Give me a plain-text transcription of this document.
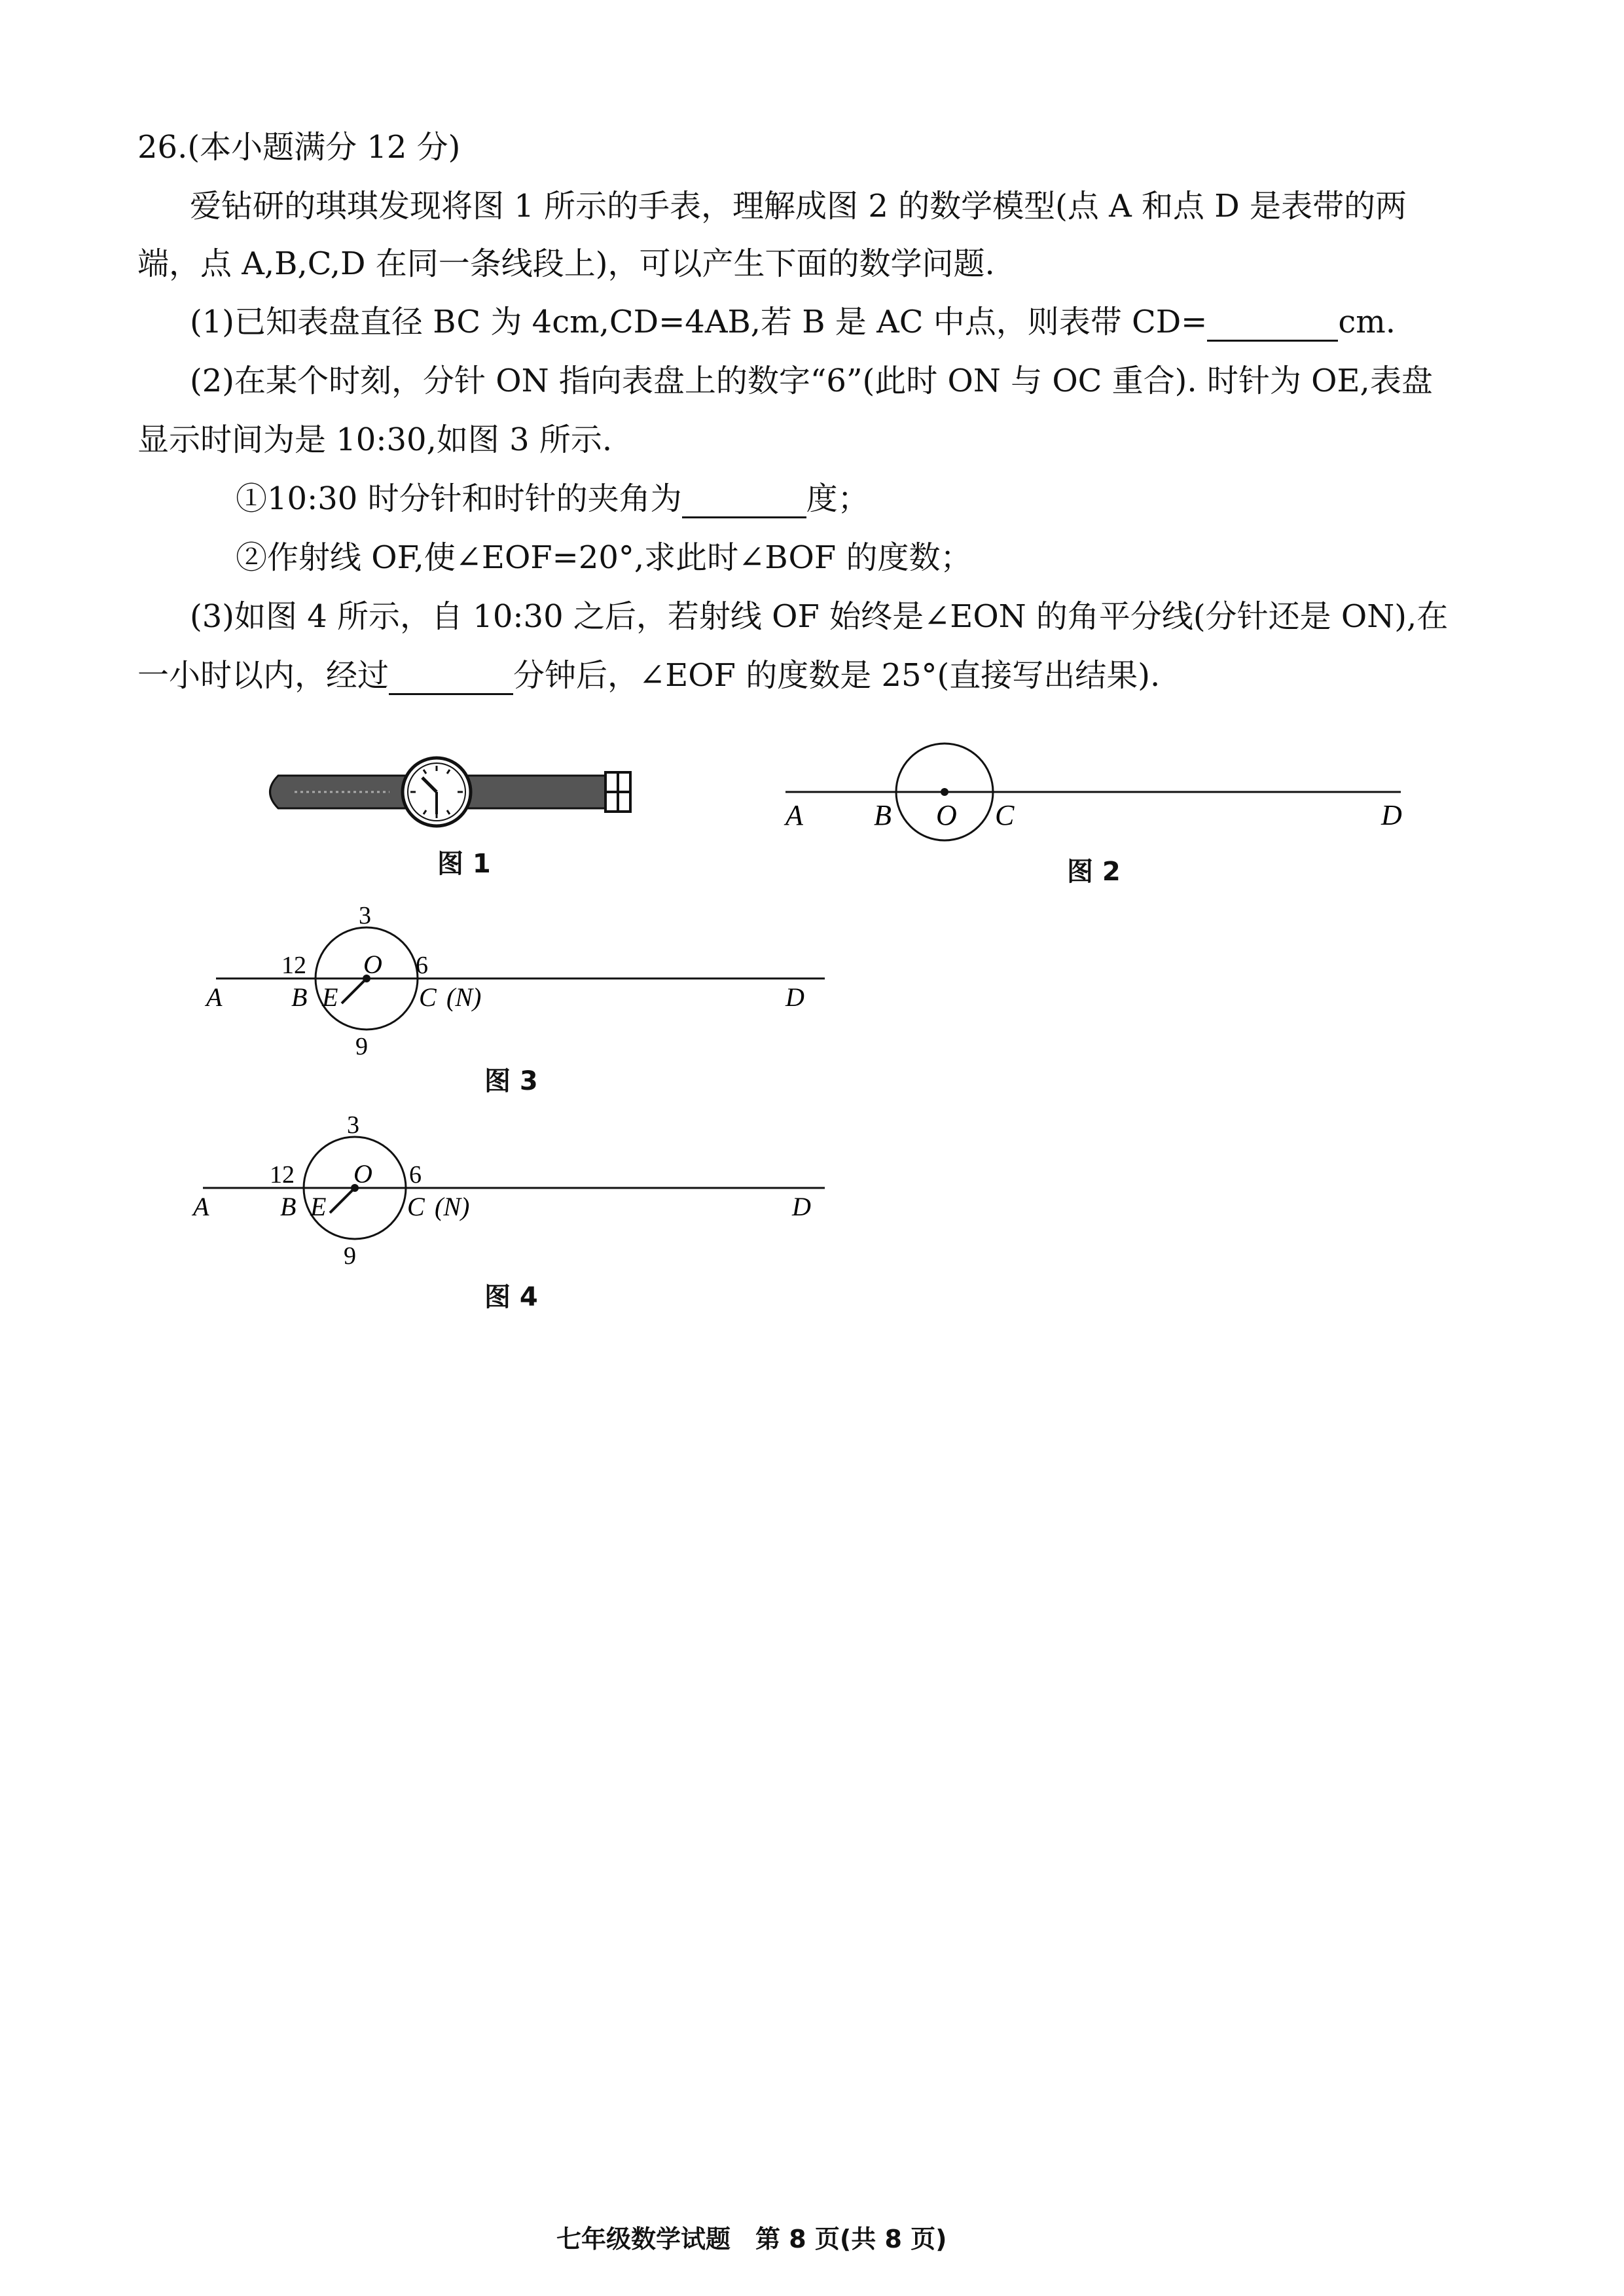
26.(本小题满分 12 分)
爱钻研的琪琪发现将图 1 所示的手表，理解成图 2 的数学模型(点 A 和点 D 是表带的两
端，点 A,B,C,D 在同一条线段上)，可以产生下面的数学问题.
(1)已知表盘直径 BC 为 4cm,CD=4AB,若 B 是 AC 中点，则表带 CD=	cm.
(2)在某个时刻，分针 ON 指向表盘上的数字“6”(此时 ON 与 OC 重合). 时针为 OE,表盘
显示时间为是 10:30,如图 3 所示.
①10:30 时分针和时针的夹角为	度；
②作射线 OF,使∠EOF=20°,求此时∠BOF 的度数；
(3)如图 4 所示，自 10:30 之后，若射线 OF 始终是∠EON 的角平分线(分针还是 ON),在
一小时以内，经过	分钟后，∠EOF 的度数是 25°(直接写出结果).
图 1
A B O C	D
图 2
3
12 O 6
A	B E	C (N)	D
9
图 3
3
12 O 6
A	B E	C (N)	D
9
图 4
七年级数学试题　第 8 页(共 8 页)
